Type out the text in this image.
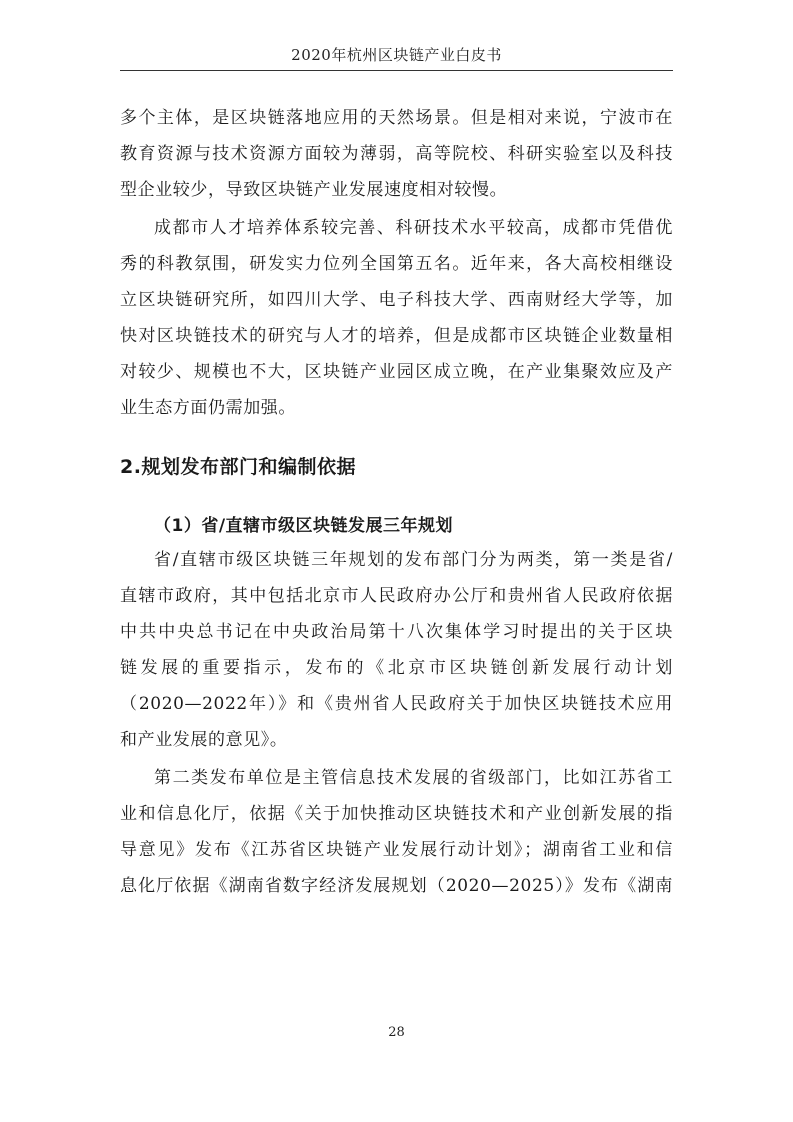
2020年杭州区块链产业白皮书
多个主体，是区块链落地应用的天然场景。但是相对来说，宁波市在
教育资源与技术资源方面较为薄弱，高等院校、科研实验室以及科技
型企业较少，导致区块链产业发展速度相对较慢。
成都市人才培养体系较完善、科研技术水平较高，成都市凭借优
秀的科教氛围，研发实力位列全国第五名。近年来，各大高校相继设
立区块链研究所，如四川大学、电子科技大学、西南财经大学等，加
快对区块链技术的研究与人才的培养，但是成都市区块链企业数量相
对较少、规模也不大，区块链产业园区成立晚，在产业集聚效应及产
业生态方面仍需加强。
2.规划发布部门和编制依据
（1）省/直辖市级区块链发展三年规划
省/直辖市级区块链三年规划的发布部门分为两类，第一类是省/
直辖市政府，其中包括北京市人民政府办公厅和贵州省人民政府依据
中共中央总书记在中央政治局第十八次集体学习时提出的关于区块
链发展的重要指示，发布的《北京市区块链创新发展行动计划
（2020—2022年）》和《贵州省人民政府关于加快区块链技术应用
和产业发展的意见》。
第二类发布单位是主管信息技术发展的省级部门，比如江苏省工
业和信息化厅，依据《关于加快推动区块链技术和产业创新发展的指
导意见》发布《江苏省区块链产业发展行动计划》；湖南省工业和信
息化厅依据《湖南省数字经济发展规划（2020—2025）》发布《湖南
28
